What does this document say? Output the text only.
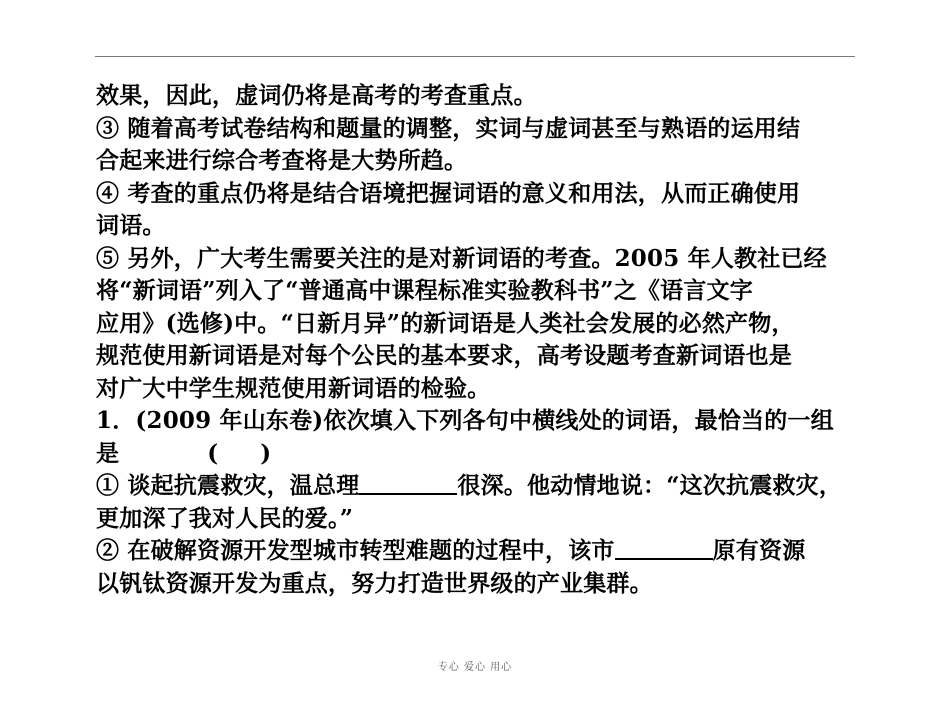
效果，因此，虚词仍将是高考的考查重点。
③ 随着高考试卷结构和题量的调整，实词与虚词甚至与熟语的运用结
合起来进行综合考查将是大势所趋。
④ 考查的重点仍将是结合语境把握词语的意义和用法，从而正确使用
词语。
⑤ 另外，广大考生需要关注的是对新词语的考查。2005 年人教社已经
将“新词语”列入了“普通高中课程标准实验教科书”之《语言文字
应用》(选修)中。“日新月异”的新词语是人类社会发展的必然产物，
规范使用新词语是对每个公民的基本要求，高考设题考查新词语也是
对广大中学生规范使用新词语的检验。
1．(2009 年山东卷)依次填入下列各句中横线处的词语，最恰当的一组
是	( )
① 谈起抗震救灾，温总理	很深。他动情地说：“这次抗震救灾，
更加深了我对人民的爱。”
② 在破解资源开发型城市转型难题的过程中，该市	原有资源
以钒钛资源开发为重点，努力打造世界级的产业集群。
专心 爱心 用心
